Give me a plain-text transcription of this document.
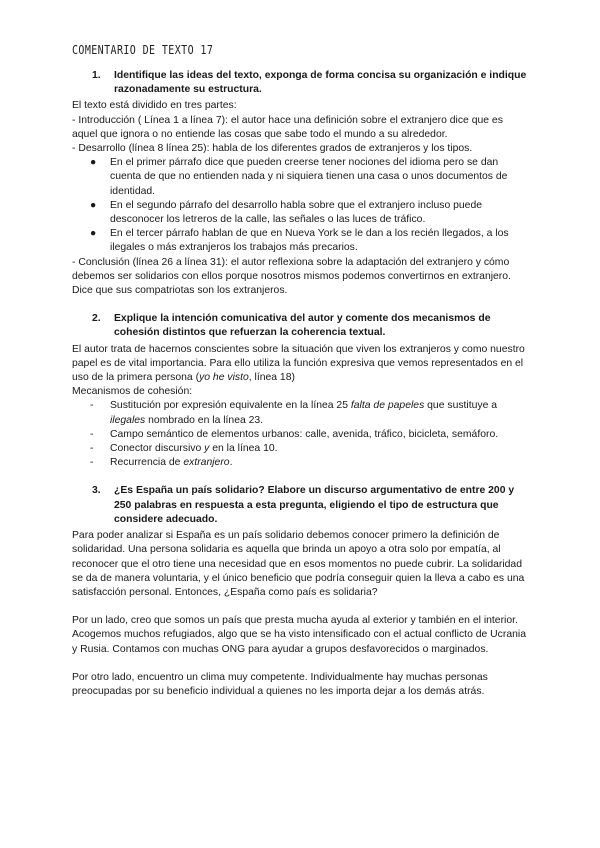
COMENTARIO DE TEXTO 17
1.	Identifique las ideas del texto, exponga de forma concisa su organización e indique razonadamente su estructura.

El texto está dividido en tres partes:

- Introducción ( Línea 1 a línea 7): el autor hace una definición sobre el extranjero dice que es aquel que ignora o no entiende las cosas que sabe todo el mundo a su alrededor.

- Desarrollo (línea 8 línea 25): habla de los diferentes grados de extranjeros y los tipos.

● En el primer párrafo dice que pueden creerse tener nociones del idioma pero se dan cuenta de que no entienden nada y ni siquiera tienen una casa o unos documentos de identidad.
● En el segundo párrafo del desarrollo habla sobre que el extranjero incluso puede desconocer los letreros de la calle, las señales o las luces de tráfico.
● En el tercer párrafo hablan de que en Nueva York se le dan a los recién llegados, a los ilegales o más extranjeros los trabajos más precarios.

- Conclusión (línea 26 a línea 31): el autor reflexiona sobre la adaptación del extranjero y cómo debemos ser solidarios con ellos porque nosotros mismos podemos convertirnos en extranjero. Dice que sus compatriotas son los extranjeros.

2.	Explique la intención comunicativa del autor y comente dos mecanismos de cohesión distintos que refuerzan la coherencia textual.

El autor trata de hacernos conscientes sobre la situación que viven los extranjeros y como nuestro papel es de vital importancia. Para ello utiliza la función expresiva que vemos representados en el uso de la primera persona (yo he visto, línea 18)

Mecanismos de cohesión:

- Sustitución por expresión equivalente en la línea 25 falta de papeles que sustituye a ilegales nombrado en la línea 23.
- Campo semántico de elementos urbanos: calle, avenida, tráfico, bicicleta, semáforo.
- Conector discursivo y en la línea 10.
- Recurrencia de extranjero.
3.	¿Es España un país solidario? Elabore un discurso argumentativo de entre 200 y 250 palabras en respuesta a esta pregunta, eligiendo el tipo de estructura que considere adecuado.

Para poder analizar si España es un país solidario debemos conocer primero la definición de solidaridad. Una persona solidaria es aquella que brinda un apoyo a otra solo por empatía, al reconocer que el otro tiene una necesidad que en esos momentos no puede cubrir. La solidaridad se da de manera voluntaria, y el único beneficio que podría conseguir quien la lleva a cabo es una satisfacción personal. Entonces, ¿España como país es solidaria?

Por un lado, creo que somos un país que presta mucha ayuda al exterior y también en el interior. Acogemos muchos refugiados, algo que se ha visto intensificado con el actual conflicto de Ucrania y Rusia. Contamos con muchas ONG para ayudar a grupos desfavorecidos o marginados.

Por otro lado, encuentro un clima muy competente. Individualmente hay muchas personas preocupadas por su beneficio individual a quienes no les importa dejar a los demás atrás.
